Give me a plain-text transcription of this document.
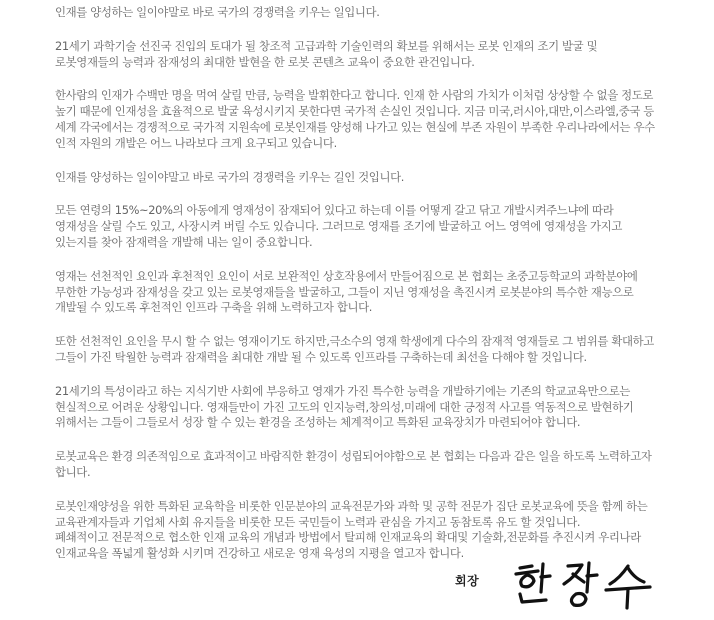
인재를 양성하는 일이야말로 바로 국가의 경쟁력을 키우는 일입니다.

21세기 과학기술 선진국 진입의 토대가 될 창조적 고급과학 기술인력의 확보를 위해서는 로봇 인재의 조기 발굴 및 로봇영재들의 능력과 잠재성의 최대한 발현을 한 로봇 콘텐츠 교육이 중요한 관건입니다.

한사람의 인재가 수백만 명을 먹여 살릴 만큼, 능력을 발휘한다고 합니다. 인재 한 사람의 가치가 이처럼 상상할 수 없을 정도로 높기 때문에 인재성을 효율적으로 발굴 육성시키지 못한다면 국가적 손실인 것입니다. 지금 미국,러시아,대만,이스라엘,중국 등 세계 각국에서는 경쟁적으로 국가적 지원속에 로봇인재를 양성해 나가고 있는 현실에 부존 자원이 부족한 우리나라에서는 우수 인적 자원의 개발은 어느 나라보다 크게 요구되고 있습니다.

인재를 양성하는 일이야말고 바로 국가의 경쟁력을 키우는 길인 것입니다.

모든 연령의 15%~20%의 아동에게 영재성이 잠재되어 있다고 하는데 이를 어떻게 갈고 닦고 개발시켜주느냐에 따라 영재성을 살릴 수도 있고, 사장시켜 버릴 수도 있습니다. 그러므로 영재를 조기에 발굴하고 어느 영역에 영재성을 가지고 있는지를 찾아 잠재력을 개발해 내는 일이 중요합니다.

영재는 선천적인 요인과 후천적인 요인이 서로 보완적인 상호작용에서 만들어짐으로 본 협회는 초중고등학교의 과학분야에 무한한 가능성과 잠재성을 갖고 있는 로봇영재들을 발굴하고, 그들이 지닌 영재성을 촉진시켜 로봇분야의 특수한 재능으로 개발될 수 있도록 후천적인 인프라 구축을 위해 노력하고자 합니다.

또한 선천적인 요인을 무시 할 수 없는 영재이기도 하지만,극소수의 영재 학생에게 다수의 잠재적 영재들로 그 범위를 확대하고 그들이 가진 탁월한 능력과 잠재력을 최대한 개발 될 수 있도록 인프라를 구축하는데 최선을 다해야 할 것입니다.

21세기의 특성이라고 하는 지식기반 사회에 부응하고 영재가 가진 특수한 능력을 개발하기에는 기존의 학교교육만으로는 현실적으로 어려운 상황입니다. 영재들만이 가진 고도의 인지능력,창의성,미래에 대한 긍정적 사고를 역동적으로 발현하기 위해서는 그들이 그들로서 성장 할 수 있는 환경을 조성하는 체계적이고 특화된 교육장치가 마련되어야 합니다.

로봇교육은 환경 의존적임으로 효과적이고 바람직한 환경이 성립되어야함으로 본 협회는 다음과 같은 일을 하도록 노력하고자 합니다.

로봇인재양성을 위한 특화된 교육학을 비롯한 인문분야의 교육전문가와 과학 및 공학 전문가 집단 로봇교육에 뜻을 함께 하는 교육관계자들과 기업체 사회 유지들을 비롯한 모든 국민들이 노력과 관심을 가지고 동참토록 유도 할 것입니다.
폐쇄적이고 전문적으로 협소한 인재 교육의 개념과 방법에서 탈피해 인재교육의 확대및 기술화,전문화를 추진시켜 우리나라 인재교육을 폭넓게 활성화 시키며 건강하고 새로운 영재 육성의 지평을 열고자 합니다.

회장
